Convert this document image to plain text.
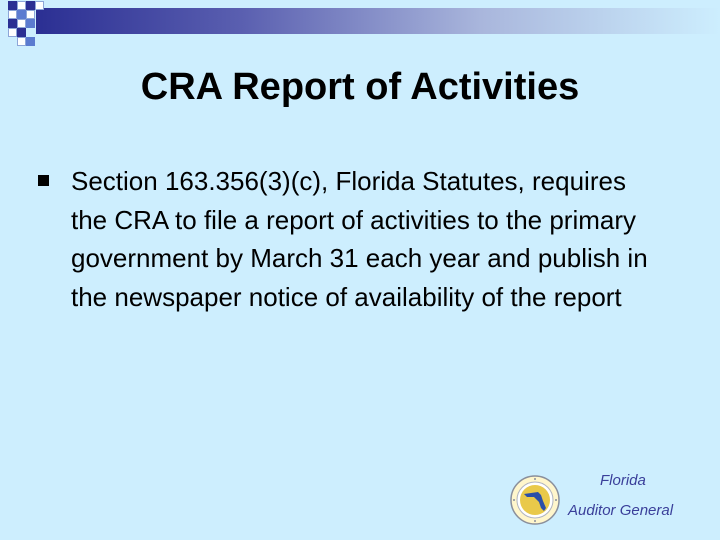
CRA Report of Activities
Section 163.356(3)(c), Florida Statutes, requires the CRA to file a report of activities to the primary government by March 31 each year and publish in the newspaper notice of availability of the report
Florida
Auditor General
